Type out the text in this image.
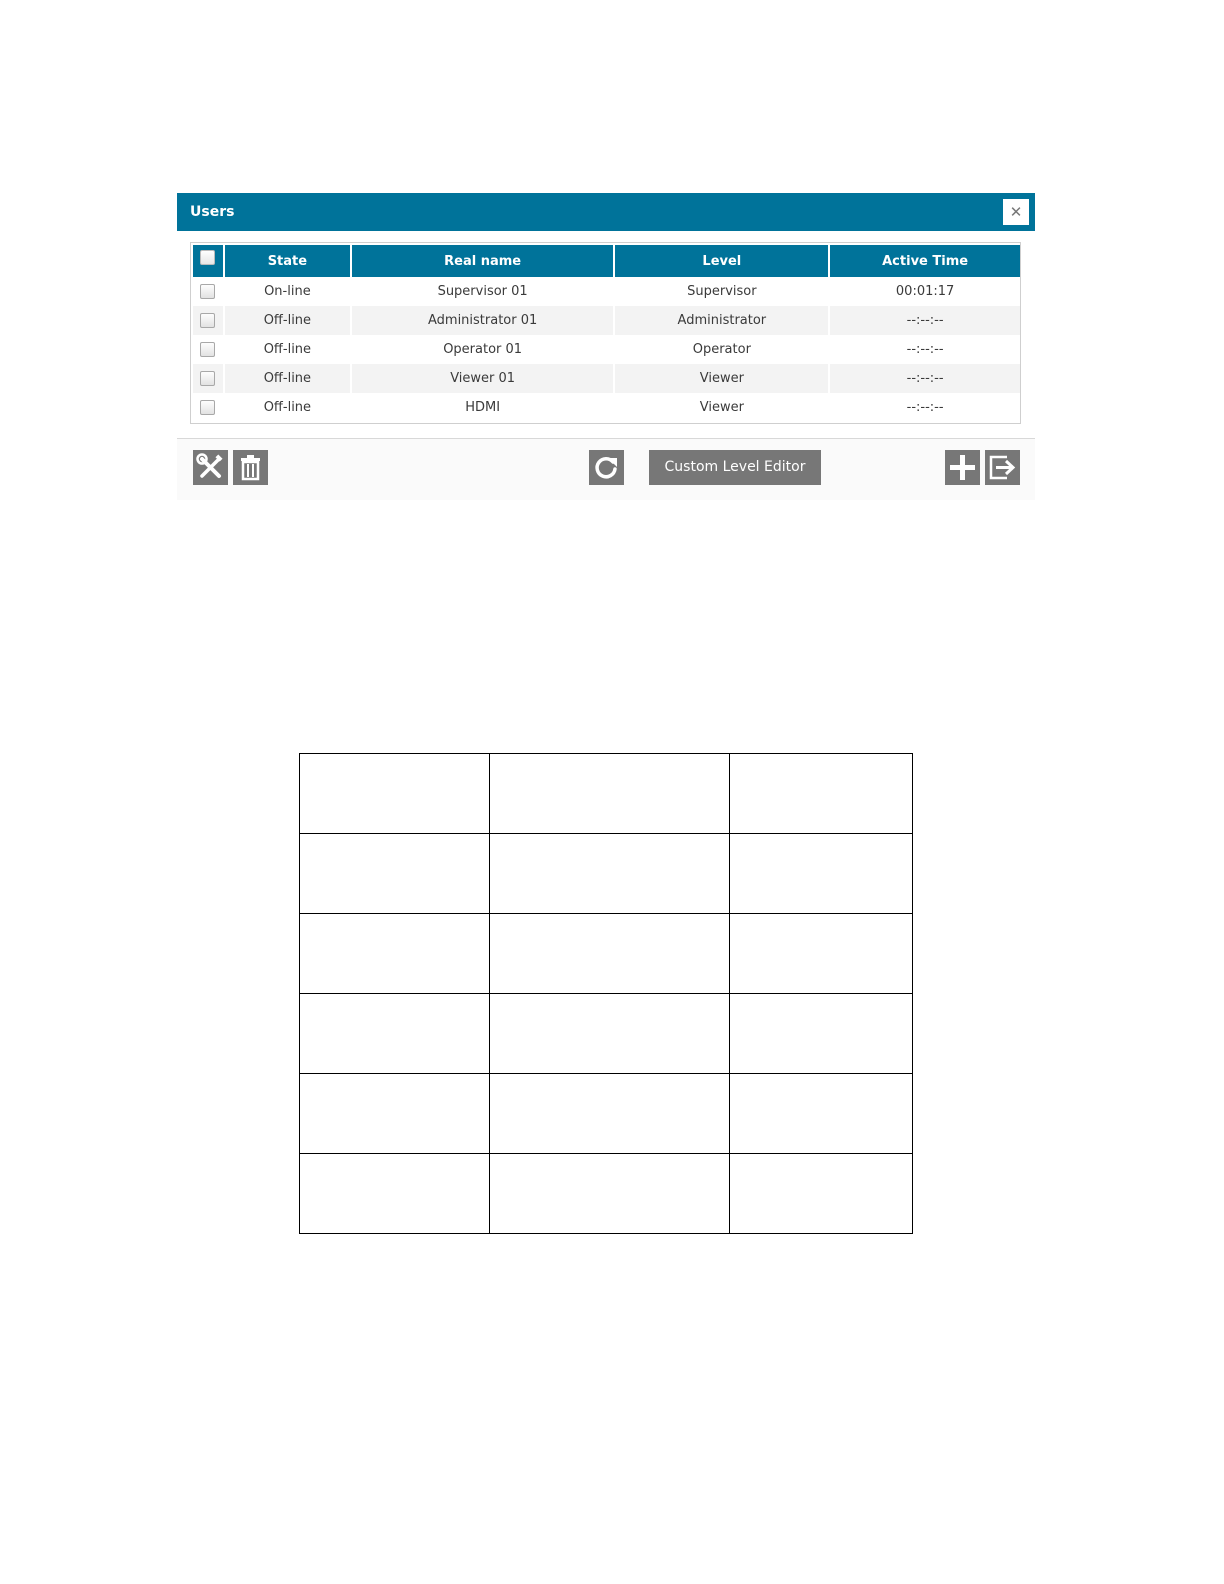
Users	✕
	State	Real name	Level	Active Time
	On-line	Supervisor 01	Supervisor	00:01:17
	Off-line	Administrator 01	Administrator	--:--:--
	Off-line	Operator 01	Operator	--:--:--
	Off-line	Viewer 01	Viewer	--:--:--
	Off-line	HDMI	Viewer	--:--:--
Custom Level Editor
